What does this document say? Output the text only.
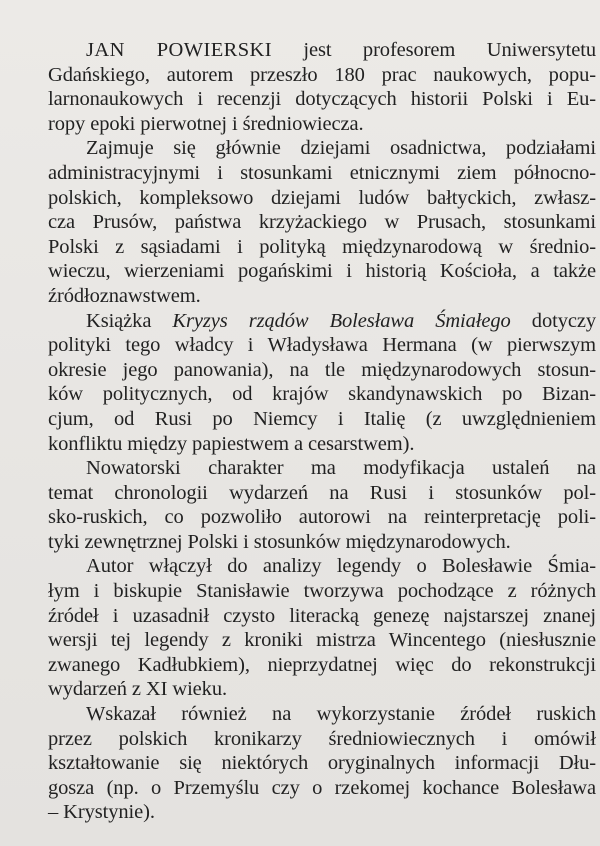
JAN POWIERSKI jest profesorem Uniwersytetu
Gdańskiego, autorem przeszło 180 prac naukowych, popu-
larnonaukowych i recenzji dotyczących historii Polski i Eu-
ropy epoki pierwotnej i średniowiecza.
Zajmuje się głównie dziejami osadnictwa, podziałami
administracyjnymi i stosunkami etnicznymi ziem północno-
polskich, kompleksowo dziejami ludów bałtyckich, zwłasz-
cza Prusów, państwa krzyżackiego w Prusach, stosunkami
Polski z sąsiadami i polityką międzynarodową w średnio-
wieczu, wierzeniami pogańskimi i historią Kościoła, a także
źródłoznawstwem.
Książka Kryzys rządów Bolesława Śmiałego dotyczy
polityki tego władcy i Władysława Hermana (w pierwszym
okresie jego panowania), na tle międzynarodowych stosun-
ków politycznych, od krajów skandynawskich po Bizan-
cjum, od Rusi po Niemcy i Italię (z uwzględnieniem
konfliktu między papiestwem a cesarstwem).
Nowatorski charakter ma modyfikacja ustaleń na
temat chronologii wydarzeń na Rusi i stosunków pol-
sko-ruskich, co pozwoliło autorowi na reinterpretację poli-
tyki zewnętrznej Polski i stosunków międzynarodowych.
Autor włączył do analizy legendy o Bolesławie Śmia-
łym i biskupie Stanisławie tworzywa pochodzące z różnych
źródeł i uzasadnił czysto literacką genezę najstarszej znanej
wersji tej legendy z kroniki mistrza Wincentego (niesłusznie
zwanego Kadłubkiem), nieprzydatnej więc do rekonstrukcji
wydarzeń z XI wieku.
Wskazał również na wykorzystanie źródeł ruskich
przez polskich kronikarzy średniowiecznych i omówił
kształtowanie się niektórych oryginalnych informacji Dłu-
gosza (np. o Przemyślu czy o rzekomej kochance Bolesława
– Krystynie).
